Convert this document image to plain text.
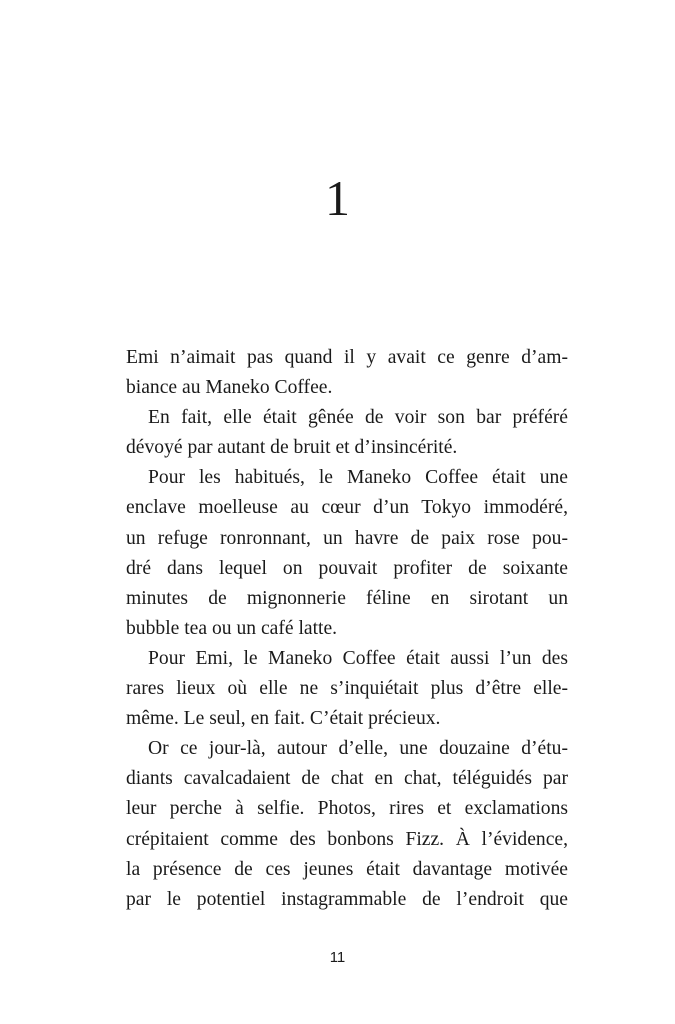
1
Emi n’aimait pas quand il y avait ce genre d’am-
biance au Maneko Coffee.
En fait, elle était gênée de voir son bar préféré
dévoyé par autant de bruit et d’insincérité.
Pour les habitués, le Maneko Coffee était une
enclave moelleuse au cœur d’un Tokyo immodéré,
un refuge ronronnant, un havre de paix rose pou-
dré dans lequel on pouvait profiter de soixante
minutes de mignonnerie féline en sirotant un
bubble tea ou un café latte.
Pour Emi, le Maneko Coffee était aussi l’un des
rares lieux où elle ne s’inquiétait plus d’être elle-
même. Le seul, en fait. C’était précieux.
Or ce jour-là, autour d’elle, une douzaine d’étu-
diants cavalcadaient de chat en chat, téléguidés par
leur perche à selfie. Photos, rires et exclamations
crépitaient comme des bonbons Fizz. À l’évidence,
la présence de ces jeunes était davantage motivée
par le potentiel instagrammable de l’endroit que
11
